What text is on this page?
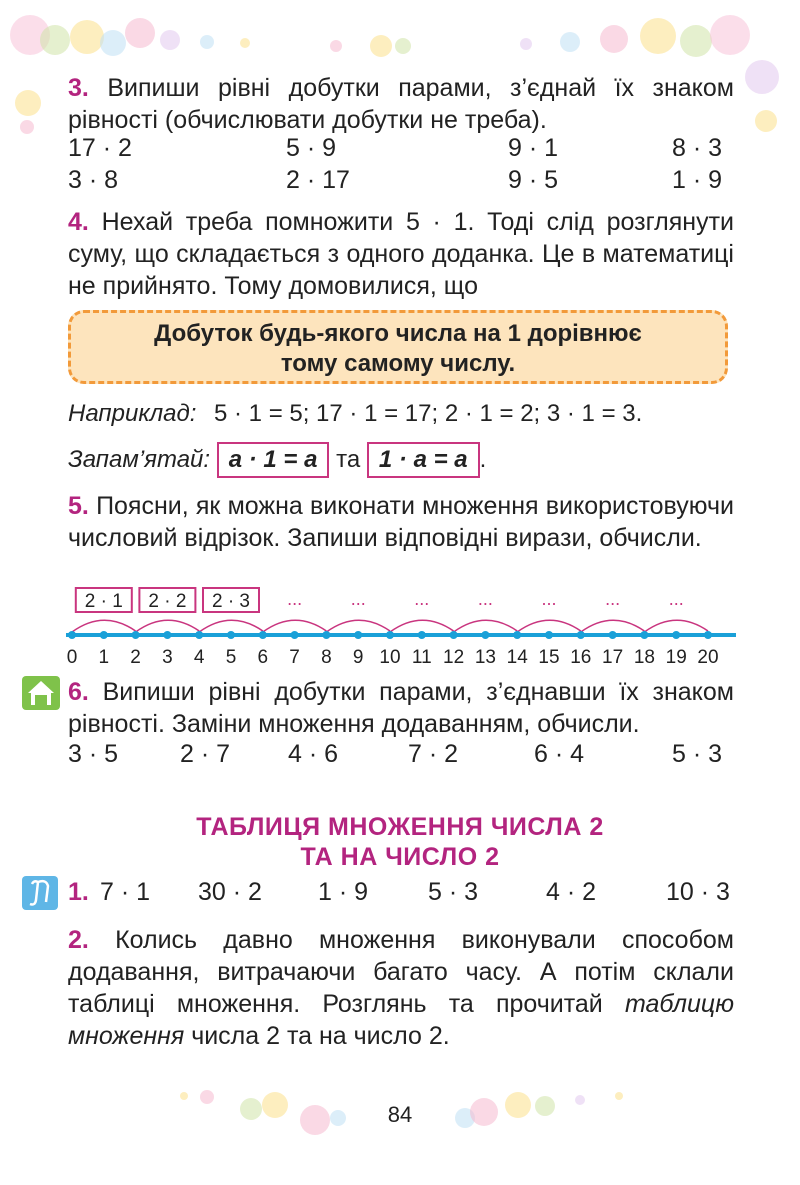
3. Випиши рівні добутки парами, з’єднай їх знаком рівності (обчислювати добутки не треба).

17 · 2	5 · 9	9 · 1	8 · 3
3 · 8	2 · 17	9 · 5	1 · 9

4. Нехай треба помножити 5 · 1. Тоді слід розглянути суму, що складається з одного доданка. Це в математиці не прийнято. Тому домовилися, що

Добуток будь-якого числа на 1 дорівнює
тому самому числу.
Наприклад: 5 · 1 = 5; 17 · 1 = 17; 2 · 1 = 2; 3 · 1 = 3.
Запам’ятай: a · 1 = a та 1 · a = a .

5. Поясни, як можна виконати множення використовуючи числовий відрізок. Запиши відповідні вирази, обчисли.

2 · 1 2 · 2 2 · 3 ...	...	...	...	...	...	...
0 1 2 3 4 5 6 7 8 9 10 11 12 13 14 15 16 17 18 19 20

6. Випиши рівні добутки парами, з’єднавши їх знаком рівності. Заміни множення додаванням, обчисли.

3 · 5 2 · 7 4 · 6	7 · 2	6 · 4	5 · 3
ТАБЛИЦЯ МНОЖЕННЯ ЧИСЛА 2
ТА НА ЧИСЛО 2
1. 7 · 1 30 · 2 1 · 9 5 · 3	4 · 2	10 · 3

2. Колись давно множення виконували способом додавання, витрачаючи багато часу. А потім склали таблиці множення. Розглянь та прочитай таблицю множення числа 2 та на число 2.

84
